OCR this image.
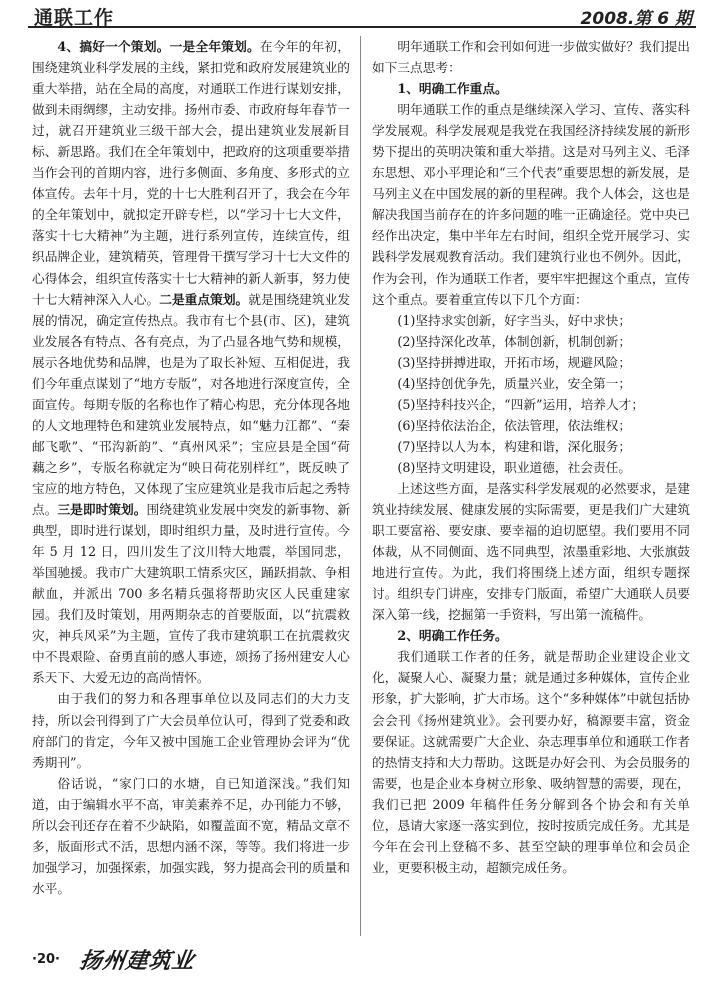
通联工作	2008.第 6 期

4、搞好一个策划。一是全年策划。在今年的年初，围绕建筑业科学发展的主线，紧扣党和政府发展建筑业的重大举措，站在全局的高度，对通联工作进行谋划安排，做到未雨绸缪，主动安排。扬州市委、市政府每年春节一过，就召开建筑业三级干部大会，提出建筑业发展新目标、新思路。我们在全年策划中，把政府的这项重要举措当作会刊的首期内容，进行多侧面、多角度、多形式的立体宣传。去年十月，党的十七大胜利召开了，我会在今年的全年策划中，就拟定开辟专栏，以“学习十七大文件，落实十七大精神”为主题，进行系列宣传，连续宣传，组织品牌企业，建筑精英，管理骨干撰写学习十七大文件的心得体会，组织宣传落实十七大精神的新人新事，努力使十七大精神深入人心。二是重点策划。就是围绕建筑业发展的情况，确定宣传热点。我市有七个县(市、区)，建筑业发展各有特点、各有亮点，为了凸显各地气势和规模，展示各地优势和品牌，也是为了取长补短、互相促进，我们今年重点谋划了“地方专版”，对各地进行深度宣传，全面宣传。每期专版的名称也作了精心构思，充分体现各地的人文地理特色和建筑业发展特点，如“魅力江都”、“秦邮飞歌”、“邗沟新韵”、“真州风采”；宝应县是全国“荷藕之乡”，专版名称就定为“映日荷花别样红”，既反映了宝应的地方特色，又体现了宝应建筑业是我市后起之秀特点。三是即时策划。围绕建筑业发展中突发的新事物、新典型，即时进行谋划，即时组织力量，及时进行宣传。今年 5 月 12 日，四川发生了汶川特大地震，举国同悲，举国驰援。我市广大建筑职工情系灾区，踊跃捐款、争相献血，并派出 700 多名精兵强将帮助灾区人民重建家园。我们及时策划，用两期杂志的首要版面，以“抗震救灾，神兵风采”为主题，宣传了我市建筑职工在抗震救灾中不畏艰险、奋勇直前的感人事迹，颂扬了扬州建安人心系天下、大爱无边的高尚情怀。

由于我们的努力和各理事单位以及同志们的大力支持，所以会刊得到了广大会员单位认可，得到了党委和政府部门的肯定，今年又被中国施工企业管理协会评为“优秀期刊”。

俗话说，“家门口的水塘，自已知道深浅。”我们知道，由于编辑水平不高，审美素养不足，办刊能力不够，所以会刊还存在着不少缺陷，如覆盖面不宽，精品文章不多，版面形式不活，思想内涵不深，等等。我们将进一步加强学习，加强探索，加强实践，努力提高会刊的质量和水平。

明年通联工作和会刊如何进一步做实做好？我们提出如下三点思考：

1、明确工作重点。

明年通联工作的重点是继续深入学习、宣传、落实科学发展观。科学发展观是我党在我国经济持续发展的新形势下提出的英明决策和重大举措。这是对马列主义、毛泽东思想、邓小平理论和“三个代表”重要思想的新发展，是马列主义在中国发展的新的里程碑。我个人体会，这也是解决我国当前存在的许多问题的唯一正确途径。党中央已经作出决定，集中半年左右时间，组织全党开展学习、实践科学发展观教育活动。我们建筑行业也不例外。因此，作为会刊，作为通联工作者，要牢牢把握这个重点，宣传这个重点。要着重宣传以下几个方面：

(1)坚持求实创新，好字当头，好中求快；
(2)坚持深化改革，体制创新，机制创新；
(3)坚持拼搏进取，开拓市场，规避风险；
(4)坚持创优争先，质量兴业，安全第一；
(5)坚持科技兴企，“四新”运用，培养人才；
(6)坚持依法治企，依法管理，依法维权；
(7)坚持以人为本，构建和谐，深化服务；
(8)坚持文明建设，职业道德，社会责任。

上述这些方面，是落实科学发展观的必然要求，是建筑业持续发展、健康发展的实际需要，更是我们广大建筑职工要富裕、要安康、要幸福的迫切愿望。我们要用不同体裁，从不同侧面、选不同典型，浓墨重彩地、大张旗鼓地进行宣传。为此，我们将围绕上述方面，组织专题探讨。组织专门讲座，安排专门版面，希望广大通联人员要深入第一线，挖掘第一手资料，写出第一流稿件。

2、明确工作任务。

我们通联工作者的任务，就是帮助企业建设企业文化，凝聚人心、凝聚力量；就是通过多种媒体，宣传企业形象，扩大影响，扩大市场。这个“多种媒体”中就包括协会会刊《扬州建筑业》。会刊要办好，稿源要丰富，资金要保证。这就需要广大企业、杂志理事单位和通联工作者的热情支持和大力帮助。这既是办好会刊、为会员服务的需要，也是企业本身树立形象、吸纳智慧的需要，现在，我们已把 2009 年稿件任务分解到各个协会和有关单位，恳请大家逐一落实到位，按时按质完成任务。尤其是今年在会刊上登稿不多、甚至空缺的理事单位和会员企业，更要积极主动，超额完成任务。

·20· 扬州建筑业
